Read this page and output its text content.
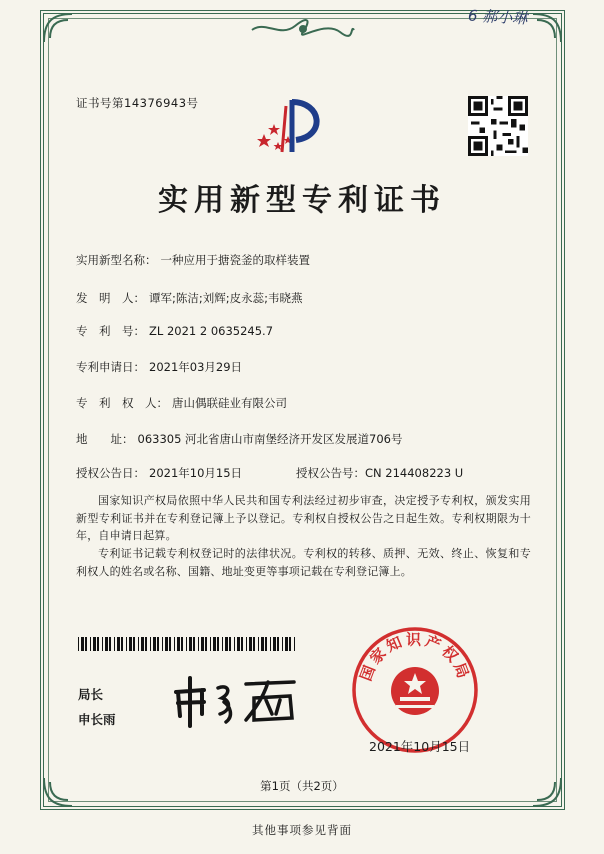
6 郝小琳
证书号第14376943号
实用新型专利证书
实用新型名称： 一种应用于搪瓷釜的取样装置
发　明　人： 谭军;陈洁;刘辉;皮永蕊;韦晓燕
专　利　号： ZL 2021 2 0635245.7
专利申请日： 2021年03月29日
专　利　权　人： 唐山偶联硅业有限公司
地　　址： 063305 河北省唐山市南堡经济开发区发展道706号
授权公告日： 2021年10月15日	授权公告号：CN 214408223 U
国家知识产权局依照中华人民共和国专利法经过初步审查，决定授予专利权，颁发实用新型专利证书并在专利登记簿上予以登记。专利权自授权公告之日起生效。专利权期限为十年，自申请日起算。
专利证书记载专利权登记时的法律状况。专利权的转移、质押、无效、终止、恢复和专利权人的姓名或名称、国籍、地址变更等事项记载在专利登记簿上。
局长
申长雨
国家知识产权局
2021年10月15日
第1页（共2页）
其他事项参见背面
